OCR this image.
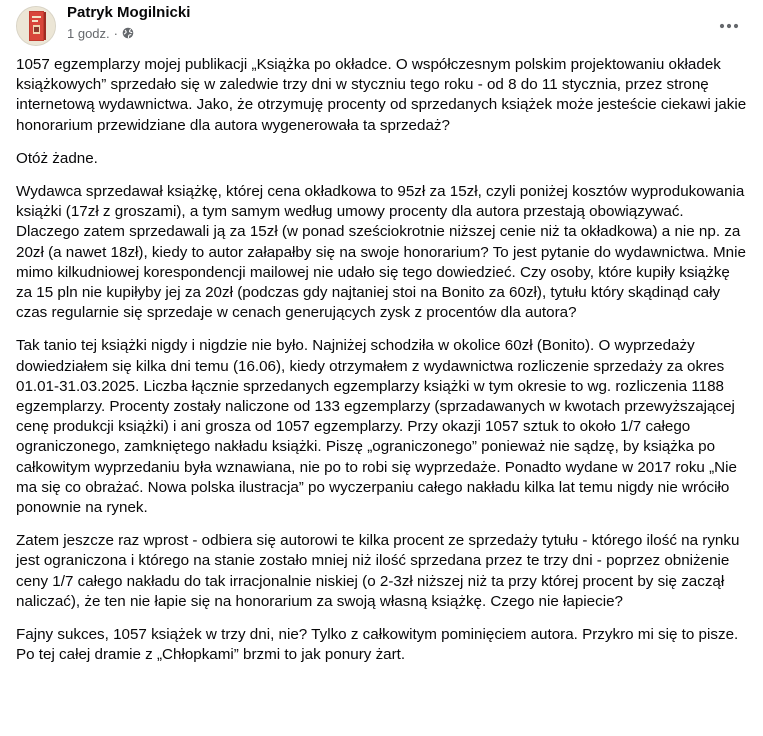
Patryk Mogilnicki
1 godz. ·

1057 egzemplarzy mojej publikacji „Książka po okładce. O współczesnym polskim projektowaniu okładek książkowych” sprzedało się w zaledwie trzy dni w styczniu tego roku - od 8 do 11 stycznia, przez stronę internetową wydawnictwa. Jako, że otrzymuję procenty od sprzedanych książek może jesteście ciekawi jakie honorarium przewidziane dla autora wygenerowała ta sprzedaż?

Otóż żadne.

Wydawca sprzedawał książkę, której cena okładkowa to 95zł za 15zł, czyli poniżej kosztów wyprodukowania książki (17zł z groszami), a tym samym według umowy procenty dla autora przestają obowiązywać. Dlaczego zatem sprzedawali ją za 15zł (w ponad sześciokrotnie niższej cenie niż ta okładkowa) a nie np. za 20zł (a nawet 18zł), kiedy to autor załapałby się na swoje honorarium? To jest pytanie do wydawnictwa. Mnie mimo kilkudniowej korespondencji mailowej nie udało się tego dowiedzieć. Czy osoby, które kupiły książkę za 15 pln nie kupiłyby jej za 20zł (podczas gdy najtaniej stoi na Bonito za 60zł), tytułu który skądinąd cały czas regularnie się sprzedaje w cenach generujących zysk z procentów dla autora?

Tak tanio tej książki nigdy i nigdzie nie było. Najniżej schodziła w okolice 60zł (Bonito). O wyprzedaży dowiedziałem się kilka dni temu (16.06), kiedy otrzymałem z wydawnictwa rozliczenie sprzedaży za okres 01.01-31.03.2025. Liczba łącznie sprzedanych egzemplarzy książki w tym okresie to wg. rozliczenia 1188 egzemplarzy. Procenty zostały naliczone od 133 egzemplarzy (sprzadawanych w kwotach przewyższającej cenę produkcji książki) i ani grosza od 1057 egzemplarzy. Przy okazji 1057 sztuk to około 1/7 całego ograniczonego, zamkniętego nakładu książki. Piszę „ograniczonego” ponieważ nie sądzę, by książka po całkowitym wyprzedaniu była wznawiana, nie po to robi się wyprzedaże. Ponadto wydane w 2017 roku „Nie ma się co obrażać. Nowa polska ilustracja” po wyczerpaniu całego nakładu kilka lat temu nigdy nie wróciło ponownie na rynek.

Zatem jeszcze raz wprost - odbiera się autorowi te kilka procent ze sprzedaży tytułu - którego ilość na rynku jest ograniczona i którego na stanie zostało mniej niż ilość sprzedana przez te trzy dni - poprzez obniżenie ceny 1/7 całego nakładu do tak irracjonalnie niskiej (o 2-3zł niższej niż ta przy której procent by się zaczął naliczać), że ten nie łapie się na honorarium za swoją własną książkę. Czego nie łapiecie?

Fajny sukces, 1057 książek w trzy dni, nie? Tylko z całkowitym pominięciem autora. Przykro mi się to pisze. Po tej całej dramie z „Chłopkami” brzmi to jak ponury żart.
